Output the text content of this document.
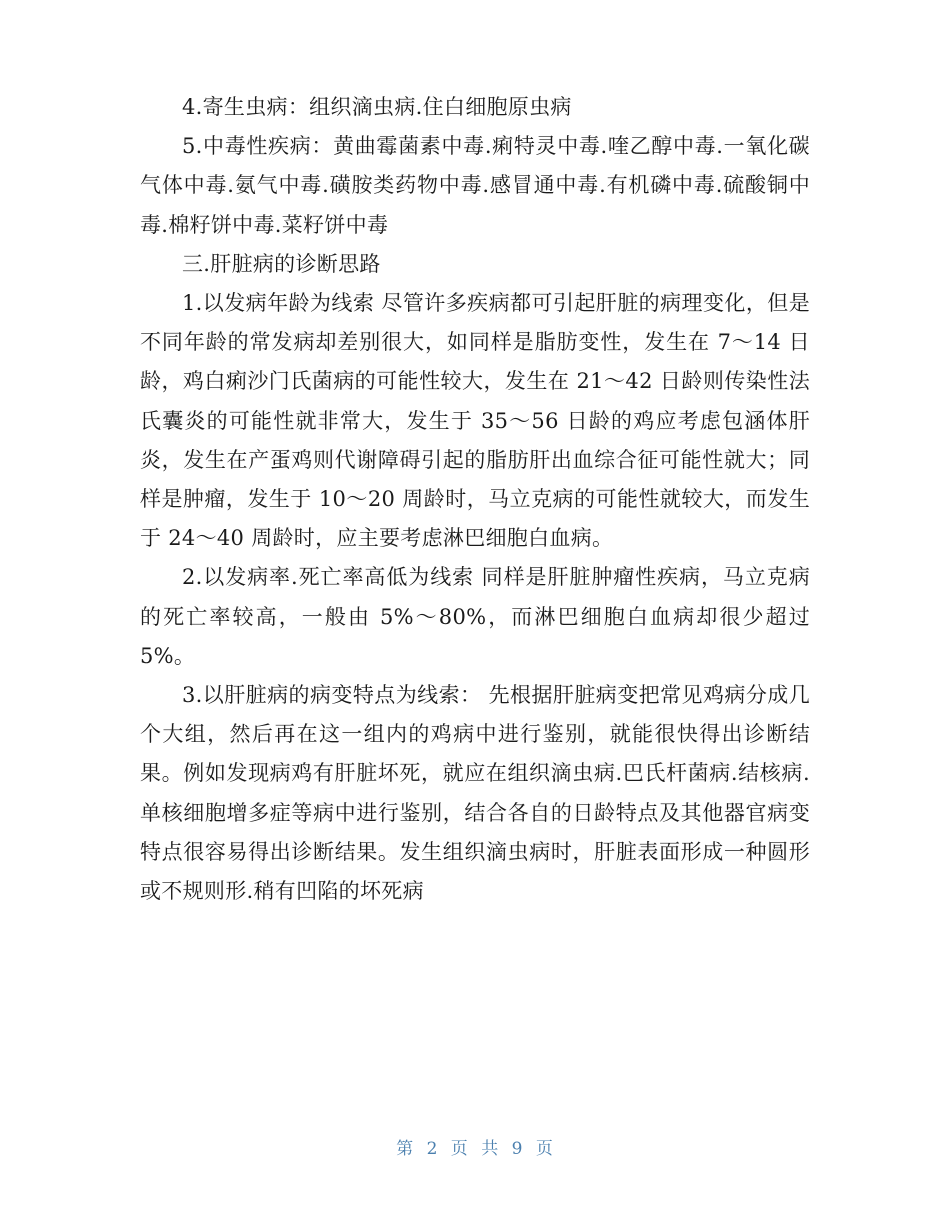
4.寄生虫病：组织滴虫病.住白细胞原虫病

5.中毒性疾病：黄曲霉菌素中毒.痢特灵中毒.喹乙醇中毒.一氧化碳气体中毒.氨气中毒.磺胺类药物中毒.感冒通中毒.有机磷中毒.硫酸铜中毒.棉籽饼中毒.菜籽饼中毒

三.肝脏病的诊断思路

1.以发病年龄为线索 尽管许多疾病都可引起肝脏的病理变化，但是不同年龄的常发病却差别很大，如同样是脂肪变性，发生在 7～14 日龄，鸡白痢沙门氏菌病的可能性较大，发生在 21～42 日龄则传染性法氏囊炎的可能性就非常大，发生于 35～56 日龄的鸡应考虑包涵体肝炎，发生在产蛋鸡则代谢障碍引起的脂肪肝出血综合征可能性就大；同样是肿瘤，发生于 10～20 周龄时，马立克病的可能性就较大，而发生于 24～40 周龄时，应主要考虑淋巴细胞白血病。

2.以发病率.死亡率高低为线索 同样是肝脏肿瘤性疾病，马立克病的死亡率较高，一般由 5%～80%，而淋巴细胞白血病却很少超过 5%。

3.以肝脏病的病变特点为线索： 先根据肝脏病变把常见鸡病分成几个大组，然后再在这一组内的鸡病中进行鉴别，就能很快得出诊断结果。例如发现病鸡有肝脏坏死，就应在组织滴虫病.巴氏杆菌病.结核病.单核细胞增多症等病中进行鉴别，结合各自的日龄特点及其他器官病变特点很容易得出诊断结果。发生组织滴虫病时，肝脏表面形成一种圆形或不规则形.稍有凹陷的坏死病

第 2 页 共 9 页
